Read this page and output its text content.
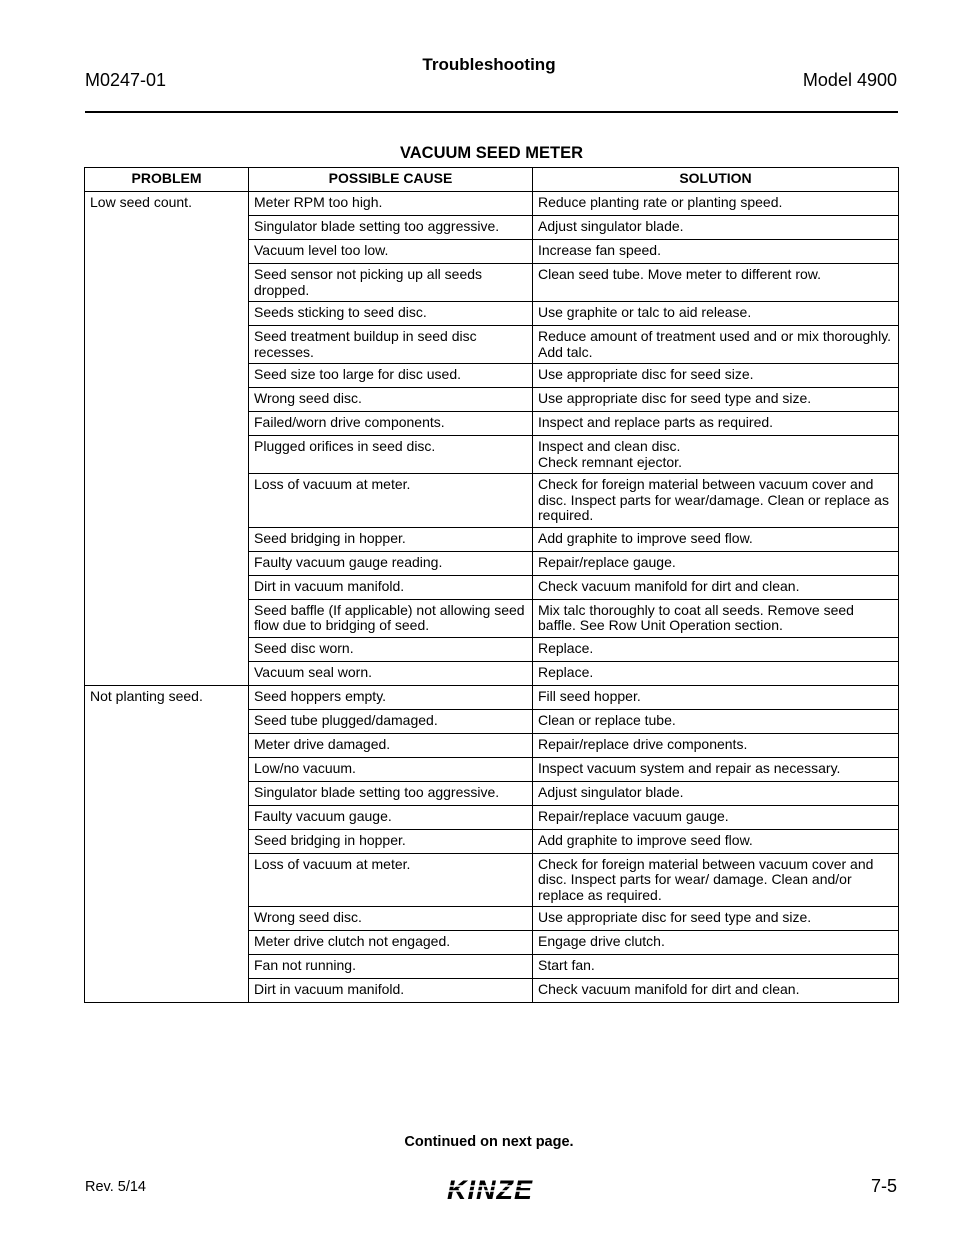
Troubleshooting
M0247-01	Model 4900
VACUUM SEED METER
PROBLEM	POSSIBLE CAUSE	SOLUTION
Low seed count.	Meter RPM too high.	Reduce planting rate or planting speed.
	Singulator blade setting too aggressive.	Adjust singulator blade.
	Vacuum level too low.	Increase fan speed.
	Seed sensor not picking up all seeds dropped.	Clean seed tube. Move meter to different row.
	Seeds sticking to seed disc.	Use graphite or talc to aid release.
	Seed treatment buildup in seed disc recesses.	Reduce amount of treatment used and or mix thoroughly. Add talc.
	Seed size too large for disc used.	Use appropriate disc for seed size.
	Wrong seed disc.	Use appropriate disc for seed type and size.
	Failed/worn drive components.	Inspect and replace parts as required.
	Plugged orifices in seed disc.	Inspect and clean disc.
Check remnant ejector.
	Loss of vacuum at meter.	Check for foreign material between vacuum cover and disc. Inspect parts for wear/damage. Clean or replace as required.
	Seed bridging in hopper.	Add graphite to improve seed flow.
	Faulty vacuum gauge reading.	Repair/replace gauge.
	Dirt in vacuum manifold.	Check vacuum manifold for dirt and clean.
	Seed baffle (If applicable) not allowing seed flow due to bridging of seed.	Mix talc thoroughly to coat all seeds. Remove seed baffle. See Row Unit Operation section.
	Seed disc worn.	Replace.
	Vacuum seal worn.	Replace.
Not planting seed.	Seed hoppers empty.	Fill seed hopper.
	Seed tube plugged/damaged.	Clean or replace tube.
	Meter drive damaged.	Repair/replace drive components.
	Low/no vacuum.	Inspect vacuum system and repair as necessary.
	Singulator blade setting too aggressive.	Adjust singulator blade.
	Faulty vacuum gauge.	Repair/replace vacuum gauge.
	Seed bridging in hopper.	Add graphite to improve seed flow.
	Loss of vacuum at meter.	Check for foreign material between vacuum cover and disc. Inspect parts for wear/ damage. Clean and/or replace as required.
	Wrong seed disc.	Use appropriate disc for seed type and size.
	Meter drive clutch not engaged.	Engage drive clutch.
	Fan not running.	Start fan.
	Dirt in vacuum manifold.	Check vacuum manifold for dirt and clean.
Continued on next page.
Rev. 5/14	KINZE	7-5
